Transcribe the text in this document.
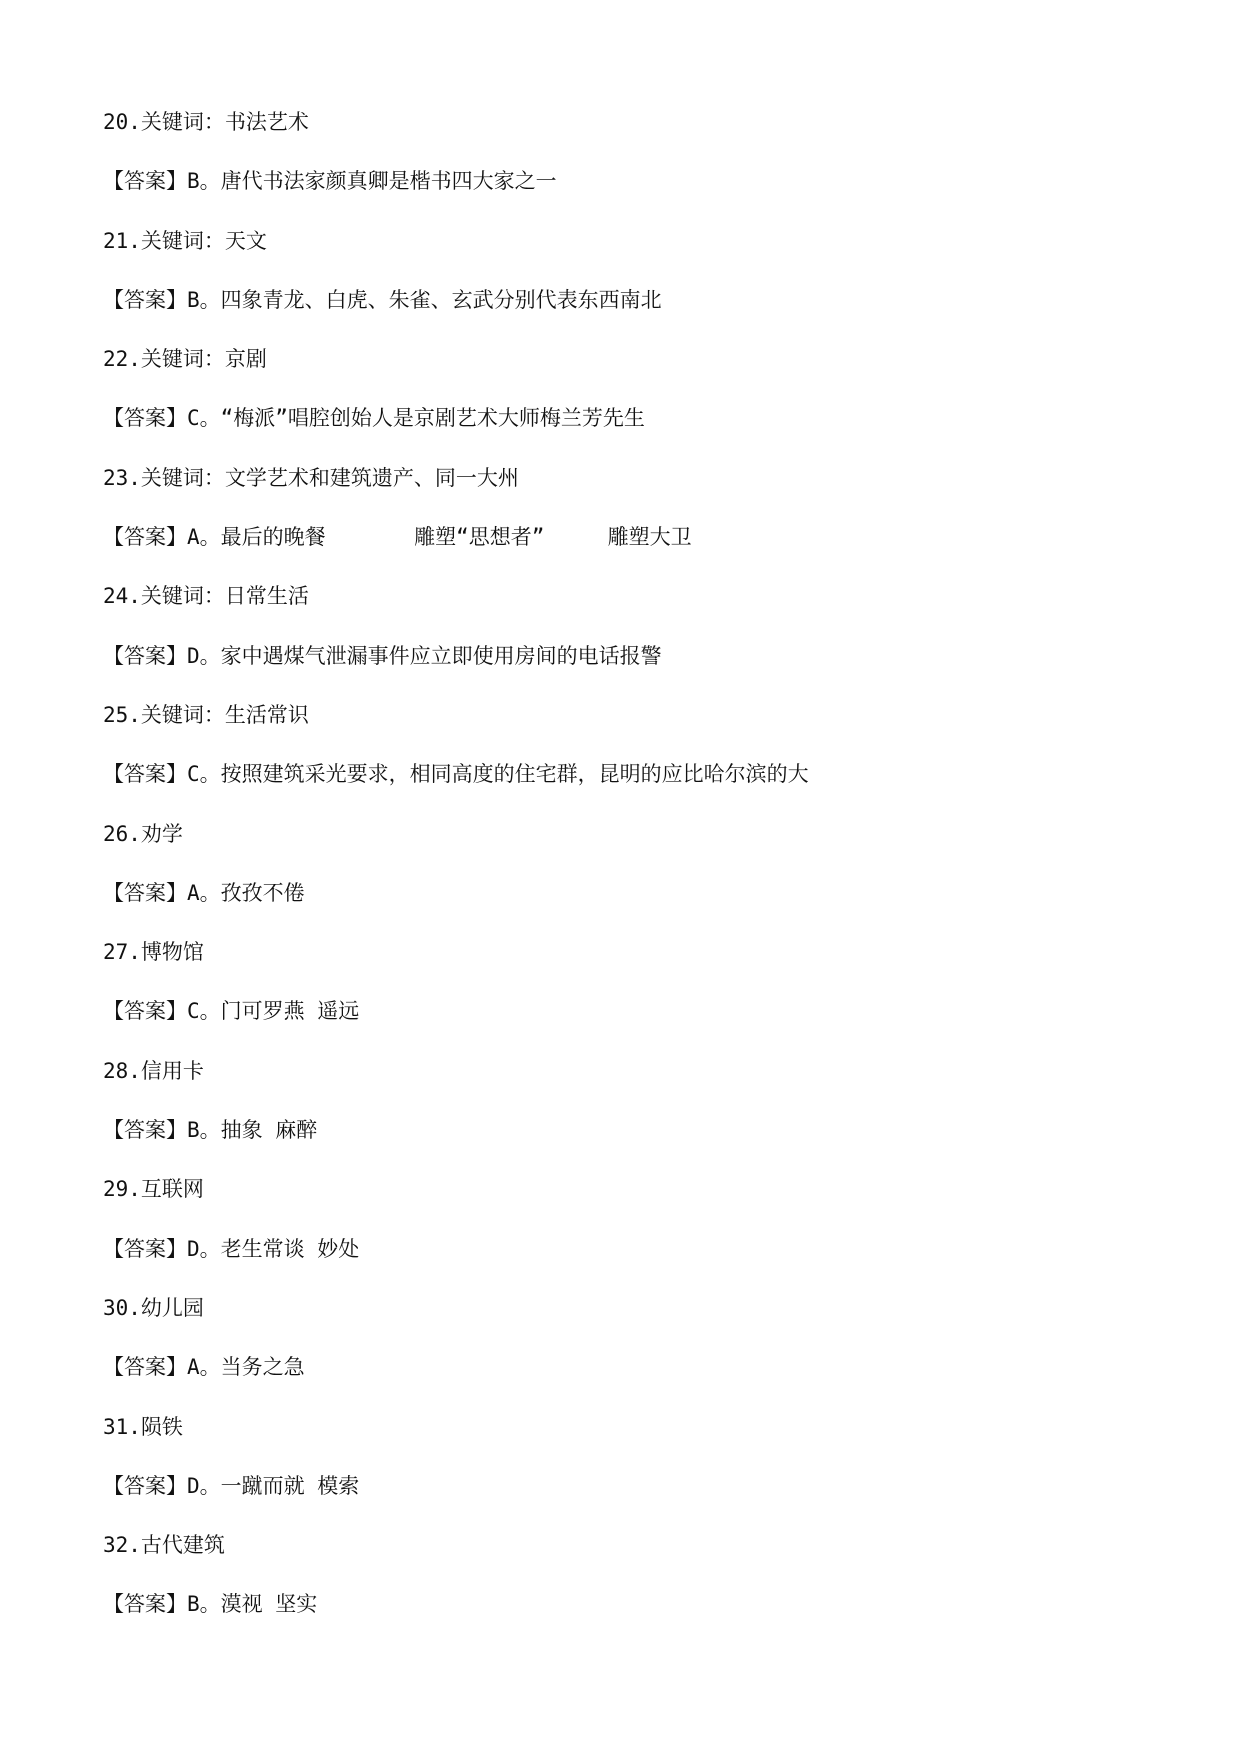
20.关键词：书法艺术
【答案】B。唐代书法家颜真卿是楷书四大家之一
21.关键词：天文
【答案】B。四象青龙、白虎、朱雀、玄武分别代表东西南北
22.关键词：京剧
【答案】C。“梅派”唱腔创始人是京剧艺术大师梅兰芳先生
23.关键词：文学艺术和建筑遗产、同一大州
【答案】A。最后的晚餐       雕塑“思想者”     雕塑大卫
24.关键词：日常生活
【答案】D。家中遇煤气泄漏事件应立即使用房间的电话报警
25.关键词：生活常识
【答案】C。按照建筑采光要求，相同高度的住宅群，昆明的应比哈尔滨的大
26.劝学
【答案】A。孜孜不倦
27.博物馆
【答案】C。门可罗燕 遥远
28.信用卡
【答案】B。抽象 麻醉
29.互联网
【答案】D。老生常谈 妙处
30.幼儿园
【答案】A。当务之急
31.陨铁
【答案】D。一蹴而就 模索
32.古代建筑
【答案】B。漠视 坚实
